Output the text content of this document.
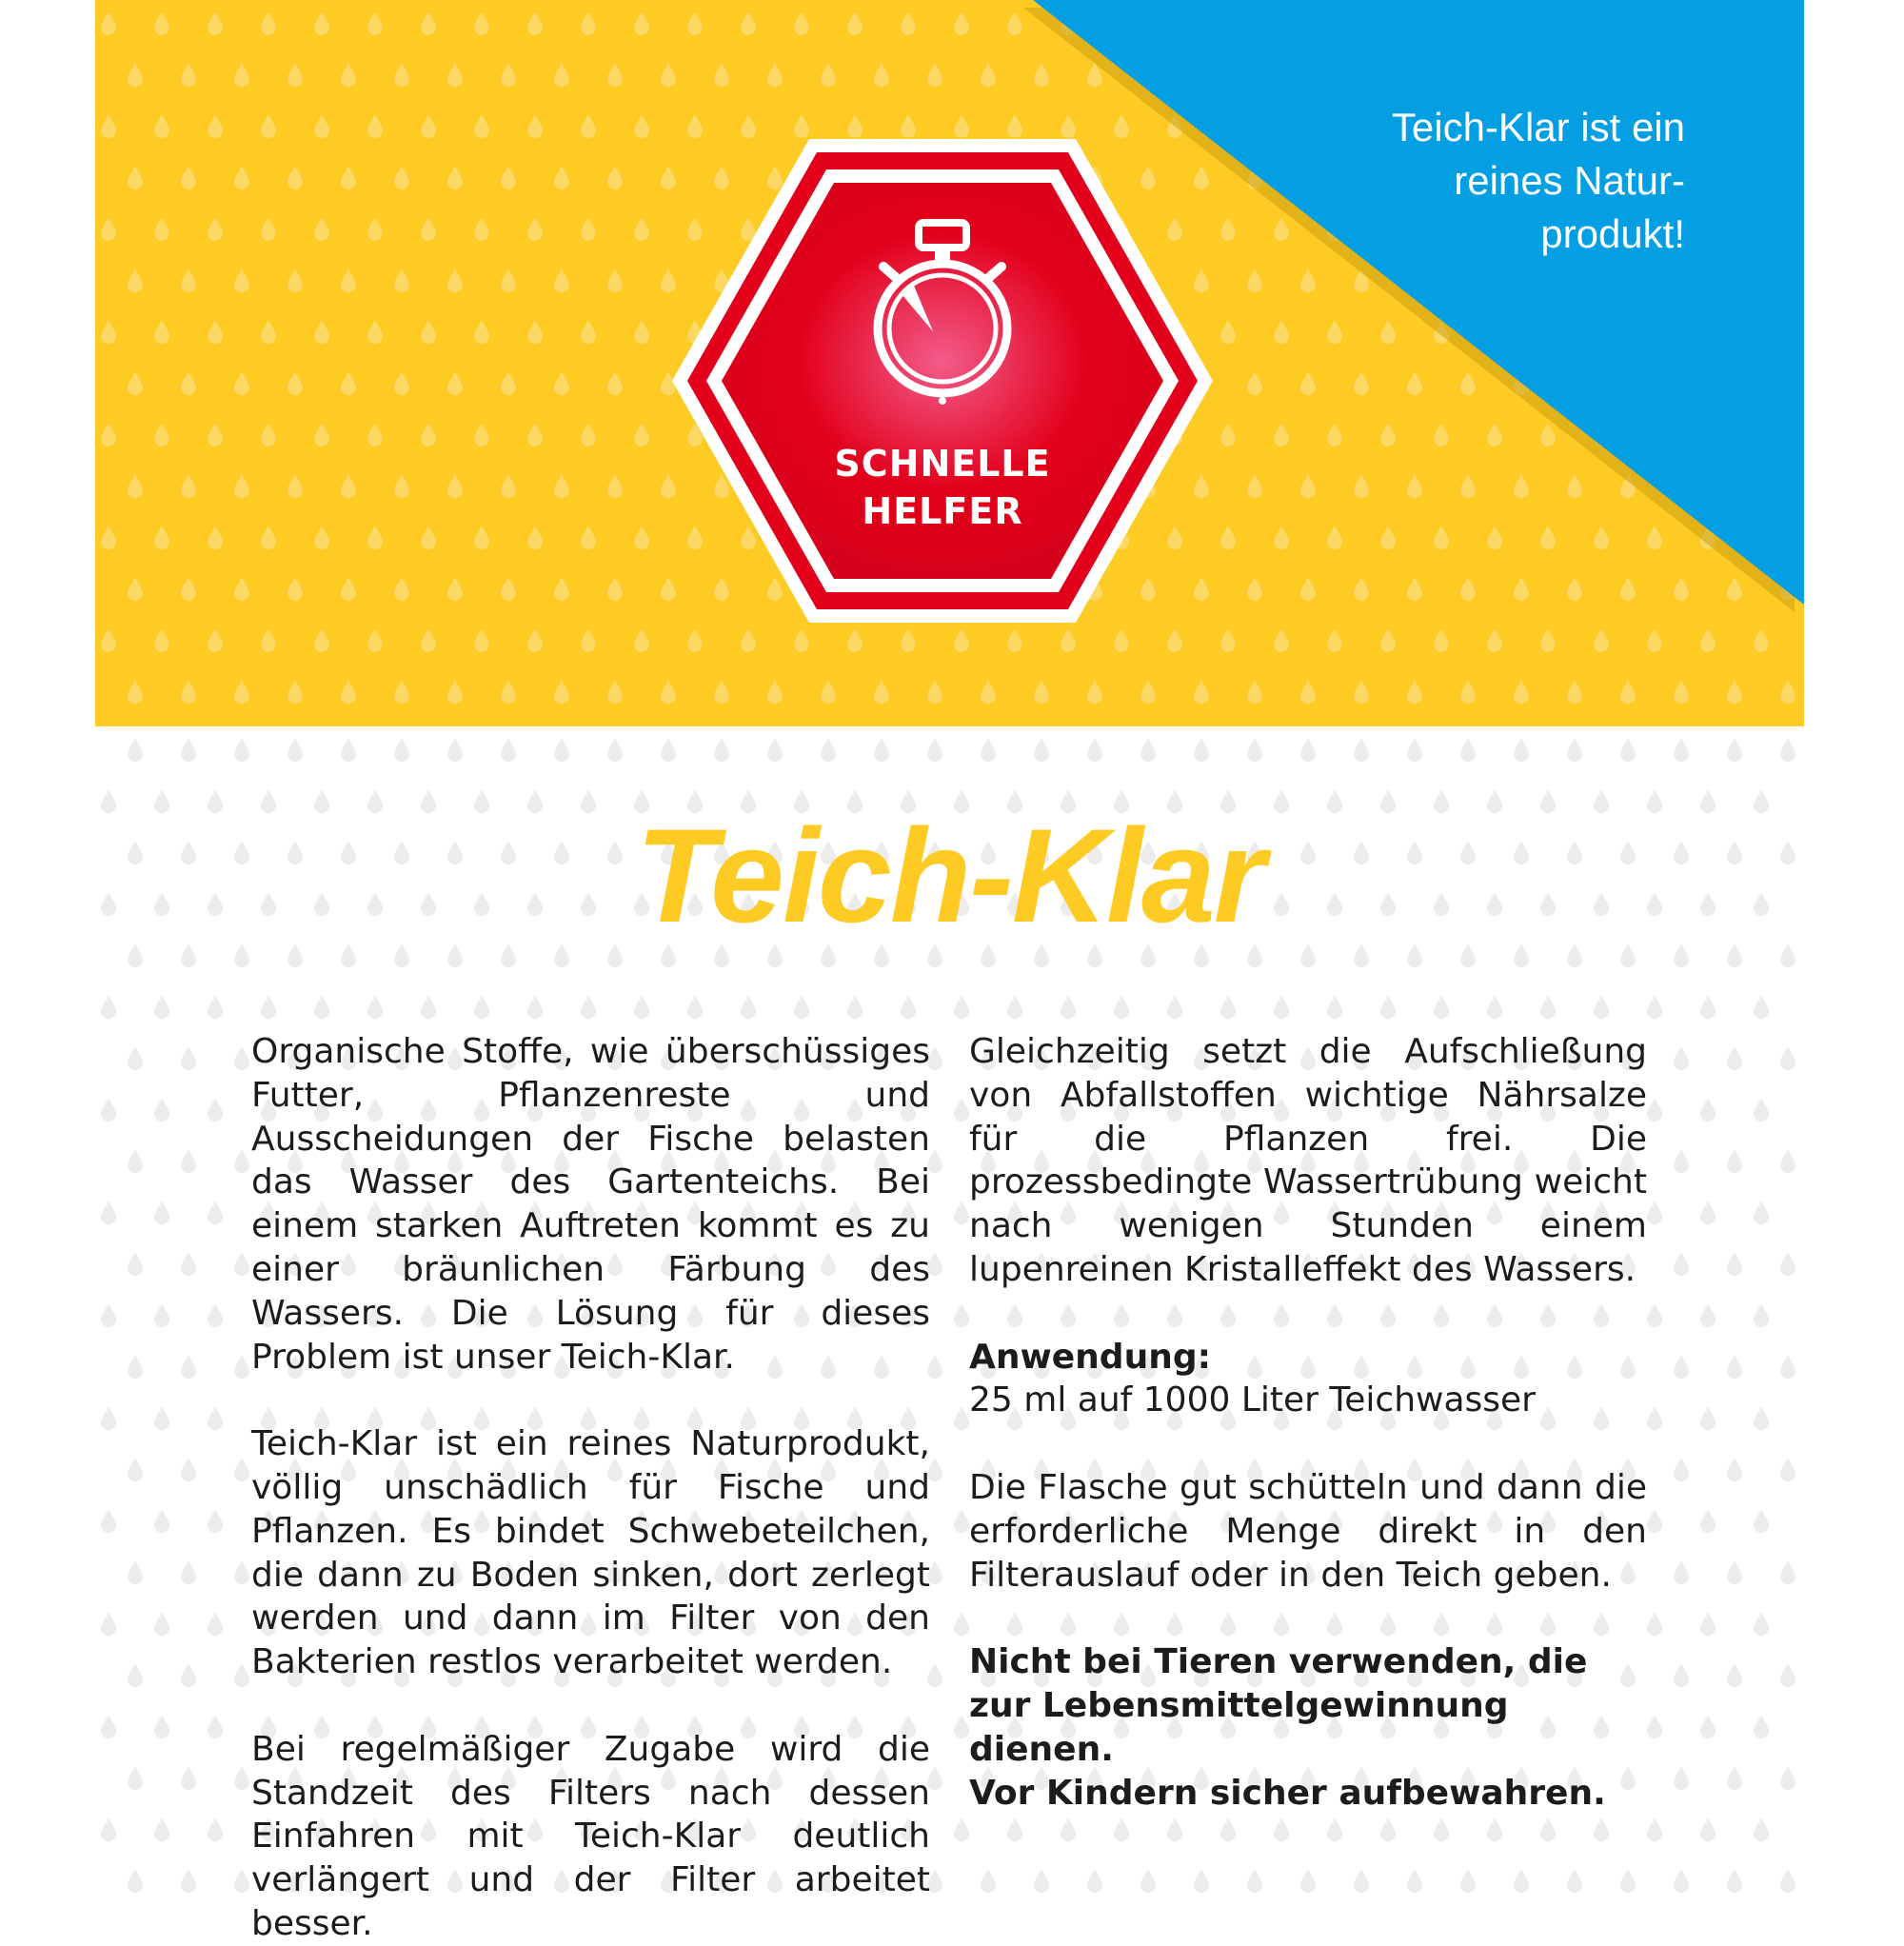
Teich-Klar ist ein
reines Natur-
produkt!
SCHNELLE
HELFER
Teich-Klar

Organische Stoffe, wie überschüssiges Futter, Pflanzenreste und Ausscheidungen der Fische belasten das Wasser des Gartenteichs. Bei einem starken Auftreten kommt es zu einer bräunlichen Färbung des Wassers. Die Lösung für dieses Problem ist unser Teich-Klar.

Teich-Klar ist ein reines Naturprodukt, völlig unschädlich für Fische und Pflanzen. Es bindet Schwebeteilchen, die dann zu Boden sinken, dort zerlegt werden und dann im Filter von den Bakterien restlos verarbeitet werden.

Bei regelmäßiger Zugabe wird die Standzeit des Filters nach dessen Einfahren mit Teich-Klar deutlich verlängert und der Filter arbeitet besser.

Gleichzeitig setzt die Aufschließung von Abfallstoffen wichtige Nährsalze für die Pflanzen frei. Die prozessbedingte Wassertrübung weicht nach wenigen Stunden einem lupenreinen Kristalleffekt des Wassers.

Anwendung:
25 ml auf 1000 Liter Teichwasser

Die Flasche gut schütteln und dann die erforderliche Menge direkt in den Filterauslauf oder in den Teich geben.

Nicht bei Tieren verwenden, die zur Lebensmittelgewinnung dienen.

Vor Kindern sicher aufbewahren.
